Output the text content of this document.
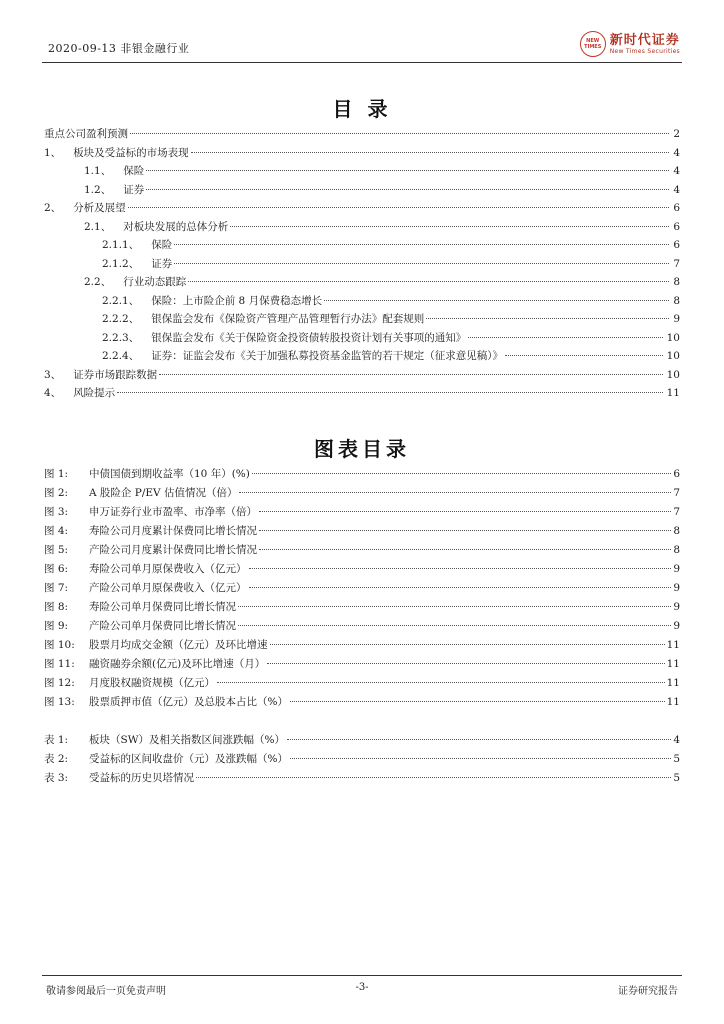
2020-09-13 非银金融行业
NEW
TIMES 新时代证券
New Times Securities
目 录
重点公司盈利预测	2
1、	板块及受益标的市场表现	4
1.1、	保险	4
1.2、	证券	4
2、	分析及展望	6
2.1、	对板块发展的总体分析	6
2.1.1、	保险	6
2.1.2、	证券	7
2.2、	行业动态跟踪	8
2.2.1、	保险：上市险企前 8 月保费稳态增长	8
2.2.2、	银保监会发布《保险资产管理产品管理暂行办法》配套规则	9
2.2.3、	银保监会发布《关于保险资金投资债转股投资计划有关事项的通知》	10
2.2.4、	证券：证监会发布《关于加强私募投资基金监管的若干规定（征求意见稿）》	10
3、	证券市场跟踪数据	10
4、	风险提示	11
图表目录
图 1:	中债国债到期收益率（10 年）(%)	6
图 2:	A 股险企 P/EV 估值情况（倍）	7
图 3:	申万证券行业市盈率、市净率（倍）	7
图 4:	寿险公司月度累计保费同比增长情况	8
图 5:	产险公司月度累计保费同比增长情况	8
图 6:	寿险公司单月原保费收入（亿元）	9
图 7:	产险公司单月原保费收入（亿元）	9
图 8:	寿险公司单月保费同比增长情况	9
图 9:	产险公司单月保费同比增长情况	9
图 10:	股票月均成交金额（亿元）及环比增速	11
图 11:	融资融券余额(亿元)及环比增速（月）	11
图 12:	月度股权融资规模（亿元）	11
图 13:	股票质押市值（亿元）及总股本占比（%）	11
表 1:	板块（SW）及相关指数区间涨跌幅（%）	4
表 2:	受益标的区间收盘价（元）及涨跌幅（%）	5
表 3:	受益标的历史贝塔情况	5
敬请参阅最后一页免责声明	-3-	证券研究报告
